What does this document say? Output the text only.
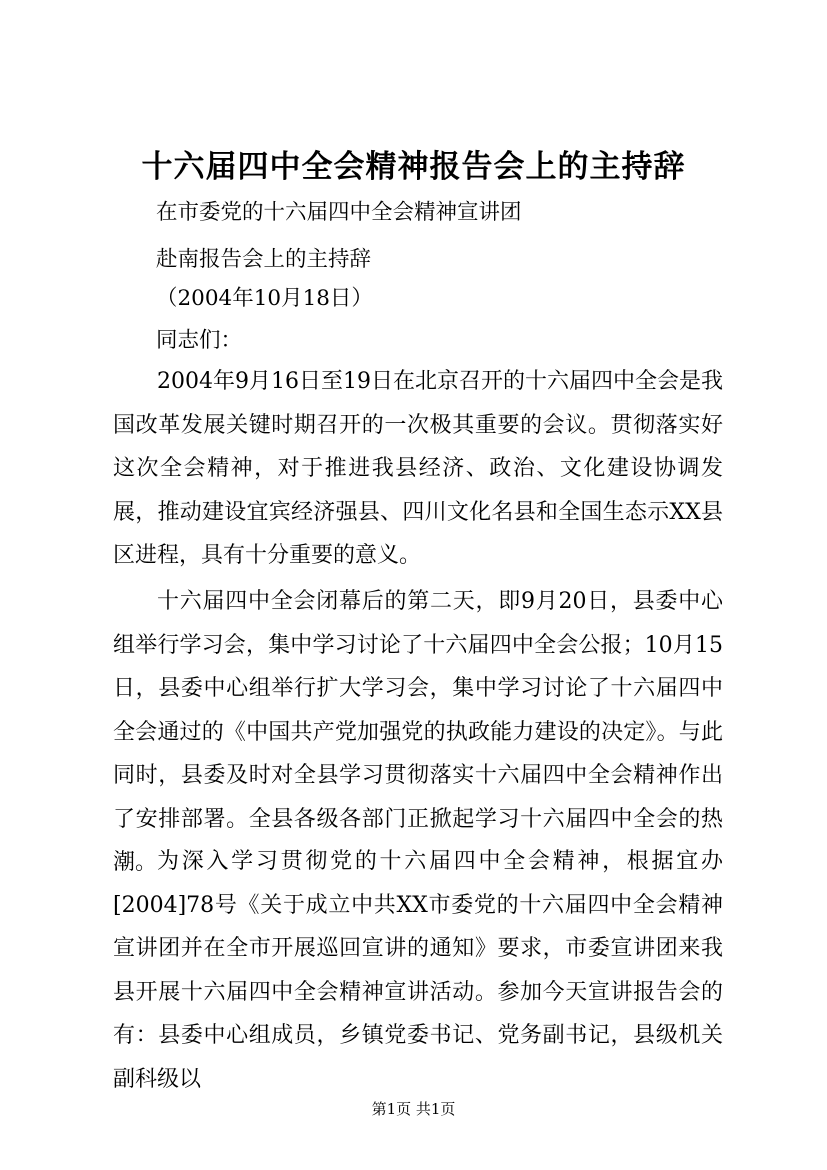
十六届四中全会精神报告会上的主持辞
在市委党的十六届四中全会精神宣讲团
赴南报告会上的主持辞
（2004年10月18日）
同志们：
2004年9月16日至19日在北京召开的十六届四中全会是我国改革发展关键时期召开的一次极其重要的会议。贯彻落实好这次全会精神，对于推进我县经济、政治、文化建设协调发展，推动建设宜宾经济强县、四川文化名县和全国生态示XX县区进程，具有十分重要的意义。
十六届四中全会闭幕后的第二天，即9月20日，县委中心组举行学习会，集中学习讨论了十六届四中全会公报；10月15日，县委中心组举行扩大学习会，集中学习讨论了十六届四中全会通过的《中国共产党加强党的执政能力建设的决定》。与此同时，县委及时对全县学习贯彻落实十六届四中全会精神作出了安排部署。全县各级各部门正掀起学习十六届四中全会的热潮。 为深入学习贯彻党的十六届四中全会精神，根据宜办[2004]78号《关于成立中共XX市委党的十六届四中全会精神宣讲团并在全市开展巡回宣讲的通知》要求，市委宣讲团来我县开展十六届四中全会精神宣讲活动。参加今天宣讲报告会的有：县委中心组成员，乡镇党委书记、党务副书记，县级机关副科级以
第1页 共1页
